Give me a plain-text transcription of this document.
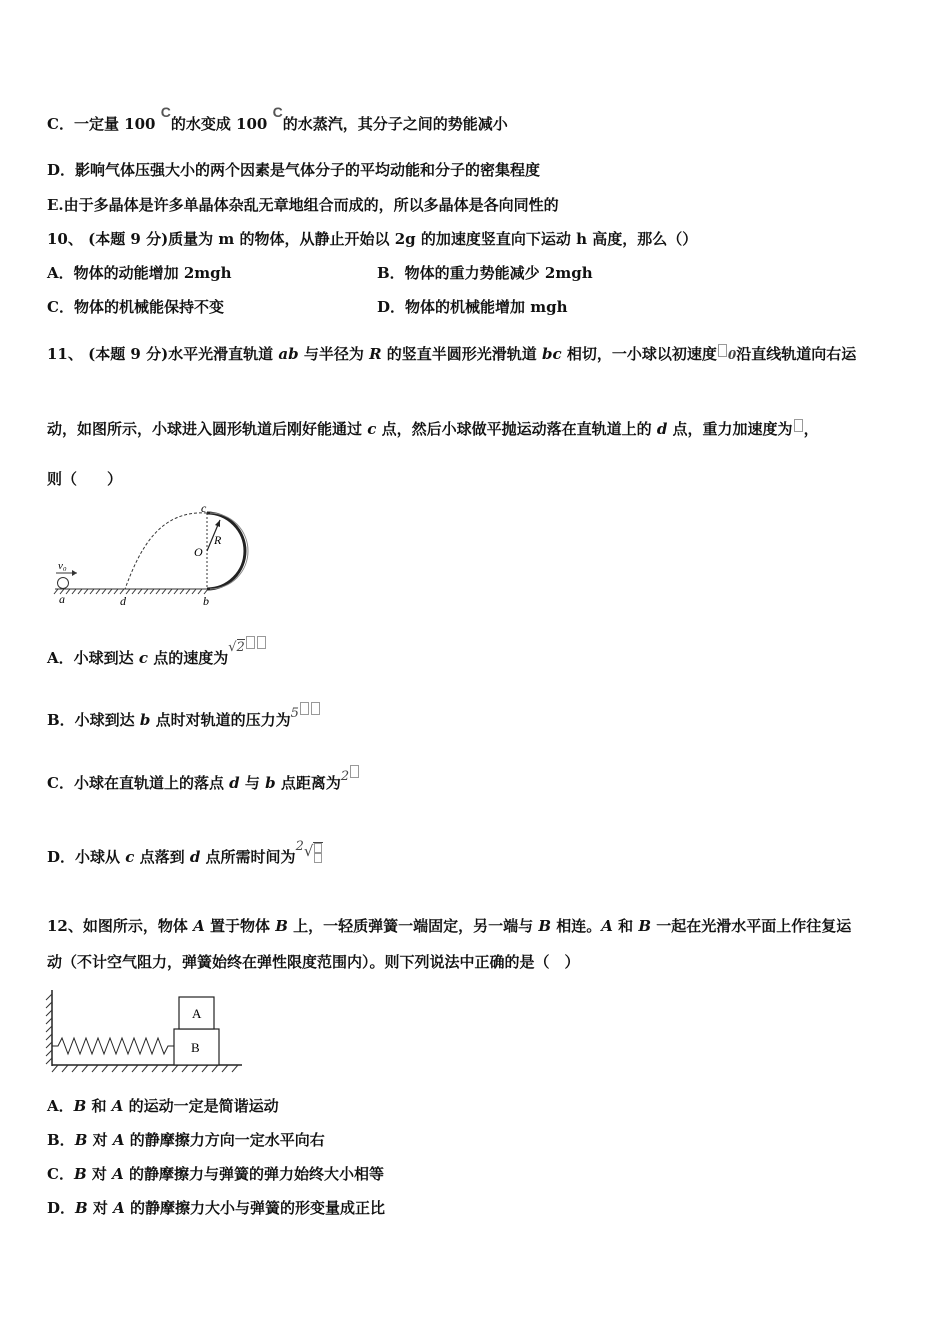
C．一定量 100 C的水变成 100 C的水蒸汽，其分子之间的势能减小
D．影响气体压强大小的两个因素是气体分子的平均动能和分子的密集程度
E.由于多晶体是许多单晶体杂乱无章地组合而成的，所以多晶体是各向同性的
10、 (本题 9 分)质量为 m 的物体，从静止开始以 2g 的加速度竖直向下运动 h 高度，那么（）
A．物体的动能增加 2mgh	B．物体的重力势能减少 2mgh
C．物体的机械能保持不变	D．物体的机械能增加 mgh
11、 (本题 9 分)水平光滑直轨道 ab 与半径为 R 的竖直半圆形光滑轨道 bc 相切，一小球以初速度 0沿直线轨道向右运
动，如图所示，小球进入圆形轨道后刚好能通过 c 点，然后小球做平抛运动落在直轨道上的 d 点，重力加速度为 ，
则（　　）
v₀
a	d	b
c
O
R
A．小球到达 c 点的速度为√2
B．小球到达 b 点时对轨道的压力为5
C．小球在直轨道上的落点 d 与 b 点距离为2
D．小球从 c 点落到 d 点所需时间为2√

12、如图所示，物体 A 置于物体 B 上，一轻质弹簧一端固定，另一端与 B 相连。A 和 B 一起在光滑水平面上作往复运
动（不计空气阻力，弹簧始终在弹性限度范围内）。则下列说法中正确的是（　）
A
B
A．B 和 A 的运动一定是简谐运动
B．B 对 A 的静摩擦力方向一定水平向右
C．B 对 A 的静摩擦力与弹簧的弹力始终大小相等
D．B 对 A 的静摩擦力大小与弹簧的形变量成正比
